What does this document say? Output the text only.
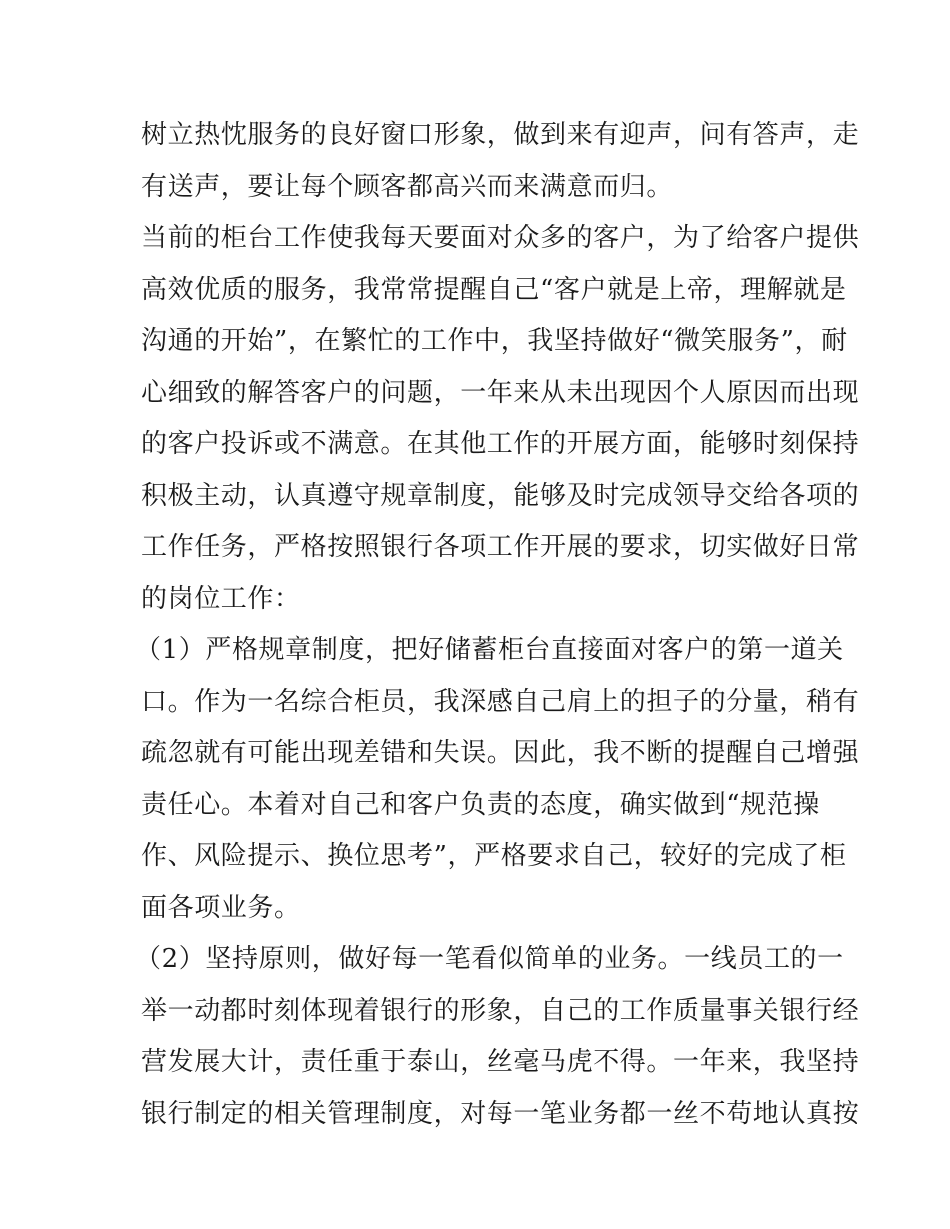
树立热忱服务的良好窗口形象，做到来有迎声，问有答声，走
有送声，要让每个顾客都高兴而来满意而归。
当前的柜台工作使我每天要面对众多的客户，为了给客户提供
高效优质的服务，我常常提醒自己“客户就是上帝，理解就是
沟通的开始”，在繁忙的工作中，我坚持做好“微笑服务”，耐
心细致的解答客户的问题，一年来从未出现因个人原因而出现
的客户投诉或不满意。在其他工作的开展方面，能够时刻保持
积极主动，认真遵守规章制度，能够及时完成领导交给各项的
工作任务，严格按照银行各项工作开展的要求，切实做好日常
的岗位工作：
（1）严格规章制度，把好储蓄柜台直接面对客户的第一道关
口。作为一名综合柜员，我深感自己肩上的担子的分量，稍有
疏忽就有可能出现差错和失误。因此，我不断的提醒自己增强
责任心。本着对自己和客户负责的态度，确实做到“规范操
作、风险提示、换位思考”，严格要求自己，较好的完成了柜
面各项业务。
（2）坚持原则，做好每一笔看似简单的业务。一线员工的一
举一动都时刻体现着银行的形象，自己的工作质量事关银行经
营发展大计，责任重于泰山，丝毫马虎不得。一年来，我坚持
银行制定的相关管理制度，对每一笔业务都一丝不苟地认真按
